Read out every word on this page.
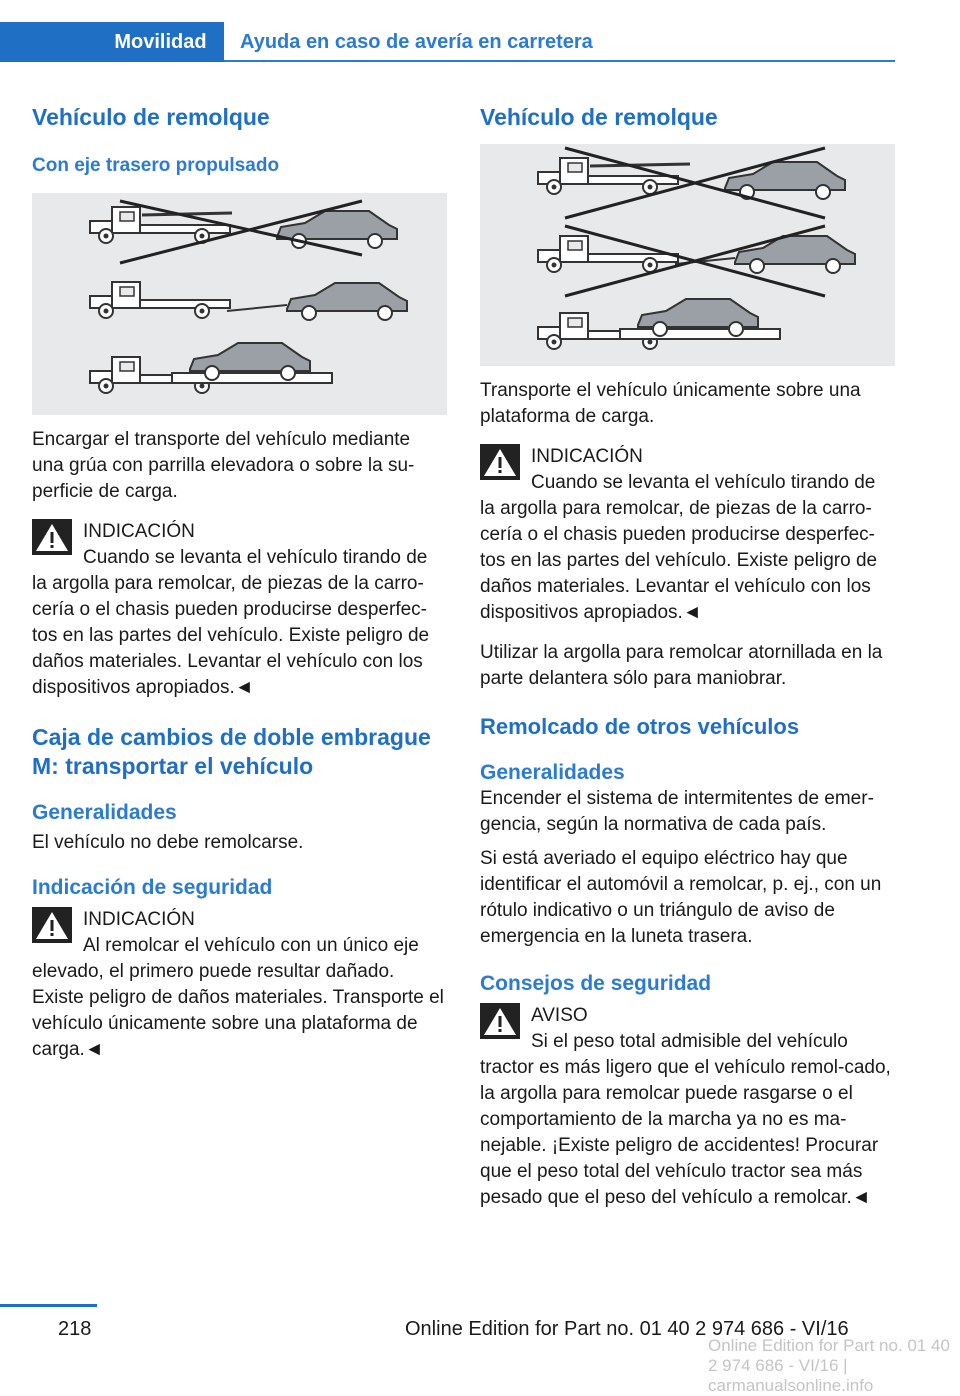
Movilidad	Ayuda en caso de avería en carretera
Vehículo de remolque
Con eje trasero propulsado

Encargar el transporte del vehículo mediante una grúa con parrilla elevadora o sobre la su‐perficie de carga.

INDICACIÓN

Cuando se levanta el vehículo tirando de

la argolla para remolcar, de piezas de la carro‐cería o el chasis pueden producirse desperfec‐tos en las partes del vehículo. Existe peligro de daños materiales. Levantar el vehículo con los dispositivos apropiados.◄

Caja de cambios de doble embrague M: transportar el vehículo
Generalidades

El vehículo no debe remolcarse.

Indicación de seguridad

INDICACIÓN

Al remolcar el vehículo con un único eje

elevado, el primero puede resultar dañado. Existe peligro de daños materiales. Transporte el vehículo únicamente sobre una plataforma de carga.◄

Vehículo de remolque

Transporte el vehículo únicamente sobre una plataforma de carga.

INDICACIÓN

Cuando se levanta el vehículo tirando de

la argolla para remolcar, de piezas de la carro‐cería o el chasis pueden producirse desperfec‐tos en las partes del vehículo. Existe peligro de daños materiales. Levantar el vehículo con los dispositivos apropiados.◄

Utilizar la argolla para remolcar atornillada en la parte delantera sólo para maniobrar.

Remolcado de otros vehículos
Generalidades

Encender el sistema de intermitentes de emer‐gencia, según la normativa de cada país.

Si está averiado el equipo eléctrico hay que identificar el automóvil a remolcar, p. ej., con un rótulo indicativo o un triángulo de aviso de emergencia en la luneta trasera.

Consejos de seguridad

AVISO

Si el peso total admisible del vehículo

tractor es más ligero que el vehículo remol‐cado, la argolla para remolcar puede rasgarse o el comportamiento de la marcha ya no es ma‐nejable. ¡Existe peligro de accidentes! Procurar que el peso total del vehículo tractor sea más pesado que el peso del vehículo a remolcar.◄

218	Online Edition for Part no. 01 40 2 974 686 - VI/16
Online Edition for Part no. 01 40 2 974 686 - VI/16 | carmanualsonline.info
